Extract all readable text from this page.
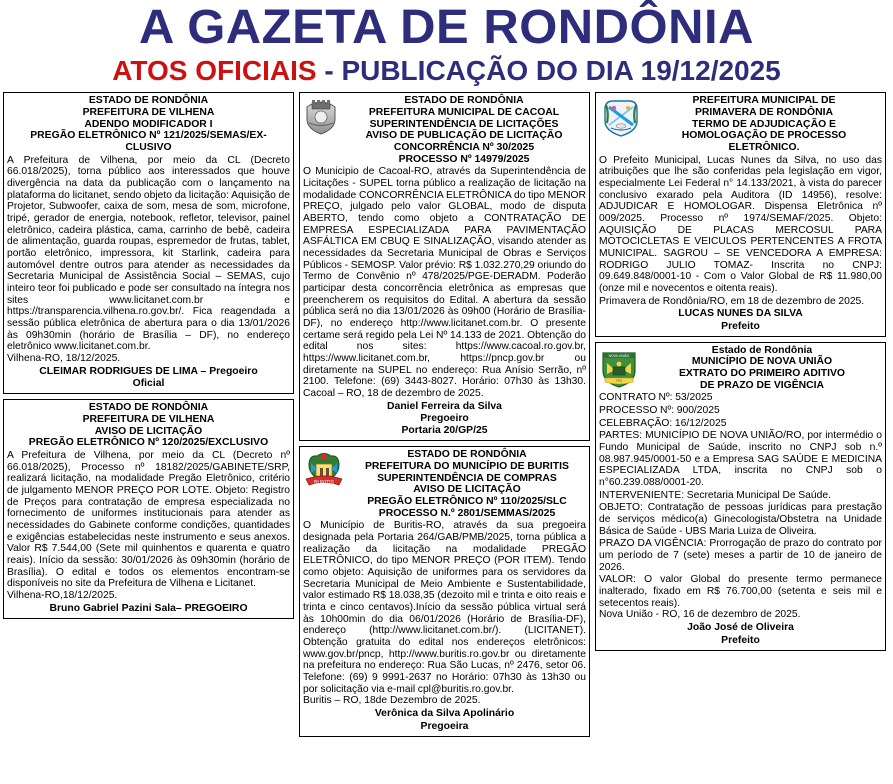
A GAZETA DE RONDÔNIA
ATOS OFICIAIS - PUBLICAÇÃO DO DIA 19/12/2025
ESTADO DE RONDÔNIA
PREFEITURA DE VILHENA
ADENDO MODIFICADOR I
PREGÃO ELETRÔNICO Nº 121/2025/SEMAS/EX-
CLUSIVO
A Prefeitura de Vilhena, por meio da CL (Decreto 66.018/2025), torna público aos interessados que houve divergência na data da publicação com o lançamento na plataforma do licitanet, sendo objeto da licitação: Aquisição de Projetor, Subwoofer, caixa de som, mesa de som, microfone, tripé, gerador de energia, notebook, refletor, televisor, painel eletrônico, cadeira plástica, cama, carrinho de bebê, cadeira de alimentação, guarda roupas, espremedor de frutas, tablet, portão eletrônico, impressora, kit Starlink, cadeira para automóvel dentre outros para atender as necessidades da Secretaria Municipal de Assistência Social – SEMAS, cujo inteiro teor foi publicado e pode ser consultado na íntegra nos sites www.licitanet.com.br e https://transparencia.vilhena.ro.gov.br/. Fica reagendada a sessão pública eletrônica de abertura para o dia 13/01/2026 às 09h30min (horário de Brasília – DF), no endereço eletrônico www.licitanet.com.br.
Vilhena-RO, 18/12/2025.
CLEIMAR RODRIGUES DE LIMA – Pregoeiro
Oficial
ESTADO DE RONDÔNIA
PREFEITURA DE VILHENA
AVISO DE LICITAÇÃO
PREGÃO ELETRÔNICO Nº 120/2025/EXCLUSIVO
A Prefeitura de Vilhena, por meio da CL (Decreto nº 66.018/2025), Processo nº 18182/2025/GABINETE/SRP, realizará licitação, na modalidade Pregão Eletrônico, critério de julgamento MENOR PREÇO POR LOTE. Objeto: Registro de Preços para contratação de empresa especializada no fornecimento de uniformes institucionais para atender as necessidades do Gabinete conforme condições, quantidades e exigências estabelecidas neste instrumento e seus anexos. Valor R$ 7.544,00 (Sete mil quinhentos e quarenta e quatro reais). Início da sessão: 30/01/2026 às 09h30min (horário de Brasília). O edital e todos os elementos encontram-se disponíveis no site da Prefeitura de Vilhena e Licitanet.
Vilhena-RO,18/12/2025.
Bruno Gabriel Pazini Sala– PREGOEIRO
ESTADO DE RONDÔNIA
PREFEITURA MUNICIPAL DE CACOAL
SUPERINTENDÊNCIA DE LICITAÇÕES
AVISO DE PUBLICAÇÃO DE LICITAÇÃO
CONCORRÊNCIA Nº 30/2025
PROCESSO Nº 14979/2025
O Municipio de Cacoal-RO, através da Superintendência de Licitações - SUPEL torna público a realização de licitação na modalidade CONCORRÊNCIA ELETRÔNICA do tipo MENOR PREÇO, julgado pelo valor GLOBAL, modo de disputa ABERTO, tendo como objeto a CONTRATAÇÃO DE EMPRESA ESPECIALIZADA PARA PAVIMENTAÇÃO ASFÁLTICA EM CBUQ E SINALIZAÇÃO, visando atender as necessidades da Secretaria Municipal de Obras e Serviços Públicos - SEMOSP. Valor prévio: R$ 1.032.270,29 oriundo do Termo de Convênio nº 478/2025/PGE-DERADM. Poderão participar desta concorrência eletrônica as empresas que preencherem os requisitos do Edital. A abertura da sessão pública será no dia 13/01/2026 às 09h00 (Horário de Brasília-DF), no endereço http://www.licitanet.com.br. O presente certame será regido pela Lei Nº 14.133 de 2021. Obtenção do edital nos sites: https://www.cacoal.ro.gov.br, https://www.licitanet.com.br, https://pncp.gov.br ou diretamente na SUPEL no endereço: Rua Anísio Serrão, nº 2100. Telefone: (69) 3443-8027. Horário: 07h30 às 13h30. Cacoal – RO, 18 de dezembro de 2025.
Daniel Ferreira da Silva
Pregoeiro
Portaria 20/GP/25
BURITIS
ESTADO DE RONDÔNIA
PREFEITURA DO MUNICÍPIO DE BURITIS
SUPERINTENDÊNCIA DE COMPRAS
AVISO DE LICITAÇÃO
PREGÃO ELETRÔNICO Nº 110/2025/SLC
PROCESSO N.º 2801/SEMMAS/2025
O Município de Buritis-RO, através da sua pregoeira designada pela Portaria 264/GAB/PMB/2025, torna pública a realização da licitação na modalidade PREGÃO ELETRÔNICO, do tipo MENOR PREÇO (POR ITEM). Tendo como objeto: Aquisição de uniformes para os servidores da Secretaria Municipal de Meio Ambiente e Sustentabilidade, valor estimado R$ 18.038,35 (dezoito mil e trinta e oito reais e trinta e cinco centavos).Início da sessão pública virtual será às 10h00min do dia 06/01/2026 (Horário de Brasília-DF), endereço (http://www.licitanet.com.br/). (LICITANET). Obtenção gratuita do edital nos endereços eletrônicos: www.gov.br/pncp, http://www.buritis.ro.gov.br ou diretamente na prefeitura no endereço: Rua São Lucas, nº 2476, setor 06. Telefone: (69) 9 9991-2637 no Horário: 07h30 às 13h30 ou por solicitação via e-mail cpl@buritis.ro.gov.br.
Buritis – RO, 18de Dezembro de 2025.
Verônica da Silva Apolinário
Pregoeira
PREFEITURA MUNICIPAL DE
PRIMAVERA DE RONDÔNIA
TERMO DE ADJUDICAÇÃO E
HOMOLOGAÇÃO DE PROCESSO ELETRÔNICO.
O Prefeito Municipal, Lucas Nunes da Silva, no uso das atribuições que lhe são conferidas pela legislação em vigor, especialmente Lei Federal n° 14.133/2021, à vista do parecer conclusivo exarado pela Auditora (ID 14956), resolve: ADJUDICAR E HOMOLOGAR. Dispensa Eletrônica nº 009/2025. Processo nº 1974/SEMAF/2025. Objeto: AQUISIÇÃO DE PLACAS MERCOSUL PARA MOTOCICLETAS E VEICULOS PERTENCENTES A FROTA MUNICIPAL. SAGROU – SE VENCEDORA A EMPRESA: RODRIGO JULIO TOMAZ- Inscrita no CNPJ: 09.649.848/0001-10 - Com o Valor Global de R$ 11.980,00 (onze mil e novecentos e oitenta reais).
Primavera de Rondônia/RO, em 18 de dezembro de 2025.
LUCAS NUNES DA SILVA
Prefeito
NOVA UNIÃO
1992
Estado de Rondônia
MUNICÍPIO DE NOVA UNIÃO
EXTRATO DO PRIMEIRO ADITIVO
DE PRAZO DE VIGÊNCIA
CONTRATO Nº: 53/2025
PROCESSO Nº: 900/2025
CELEBRAÇÃO: 16/12/2025
PARTES: MUNICÍPIO DE NOVA UNIÃO/RO, por intermédio o Fundo Municipal de Saúde, inscrito no CNPJ sob n.º 08.987.945/0001-50 e a Empresa SAG SAÚDE E MEDICINA ESPECIALIZADA LTDA, inscrita no CNPJ sob o n°60.239.088/0001-20.
INTERVENIENTE: Secretaria Municipal De Saúde.
OBJETO: Contratação de pessoas jurídicas para prestação de serviços médico(a) Ginecologista/Obstetra na Unidade Básica de Saúde - UBS Maria Luiza de Oliveira.
PRAZO DA VIGÊNCIA: Prorrogação de prazo do contrato por um período de 7 (sete) meses a partir de 10 de janeiro de 2026.
VALOR: O valor Global do presente termo permanece inalterado, fixado em R$ 76.700,00 (setenta e seis mil e setecentos reais).
Nova União - RO, 16 de dezembro de 2025.
João José de Oliveira
Prefeito
